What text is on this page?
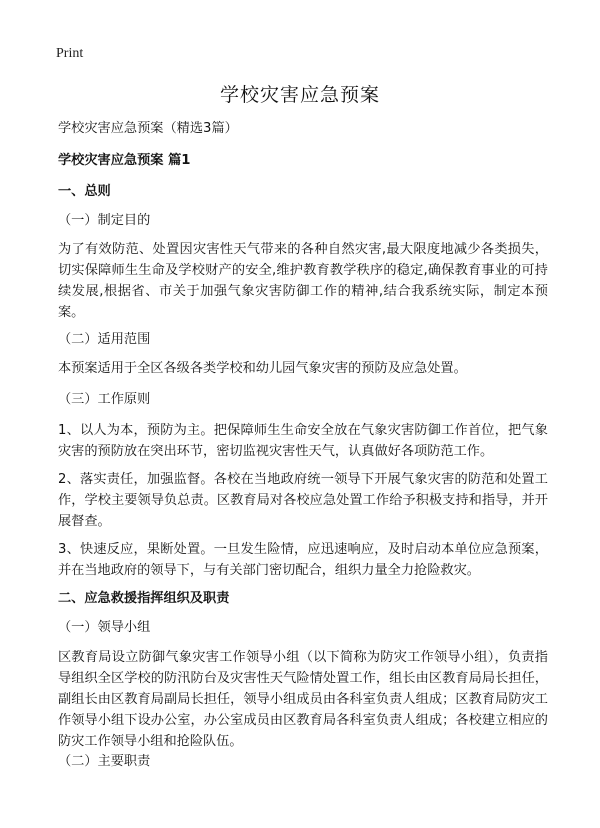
Print
学校灾害应急预案

学校灾害应急预案（精选3篇）

学校灾害应急预案 篇1

一、总则

（一）制定目的

为了有效防范、处置因灾害性天气带来的各种自然灾害,最大限度地减少各类损失，切实保障师生生命及学校财产的安全,维护教育教学秩序的稳定,确保教育事业的可持续发展,根据省、市关于加强气象灾害防御工作的精神,结合我系统实际，制定本预案。

（二）适用范围

本预案适用于全区各级各类学校和幼儿园气象灾害的预防及应急处置。

（三）工作原则

1、以人为本，预防为主。把保障师生生命安全放在气象灾害防御工作首位，把气象灾害的预防放在突出环节，密切监视灾害性天气，认真做好各项防范工作。

2、落实责任，加强监督。各校在当地政府统一领导下开展气象灾害的防范和处置工作，学校主要领导负总责。区教育局对各校应急处置工作给予积极支持和指导，并开展督查。

3、快速反应，果断处置。一旦发生险情，应迅速响应，及时启动本单位应急预案，并在当地政府的领导下，与有关部门密切配合，组织力量全力抢险救灾。

二、应急救援指挥组织及职责

（一）领导小组

区教育局设立防御气象灾害工作领导小组（以下简称为防灾工作领导小组），负责指导组织全区学校的防汛防台及灾害性天气险情处置工作，组长由区教育局局长担任，副组长由区教育局副局长担任，领导小组成员由各科室负责人组成；区教育局防灾工作领导小组下设办公室，办公室成员由区教育局各科室负责人组成；各校建立相应的防灾工作领导小组和抢险队伍。

（二）主要职责
